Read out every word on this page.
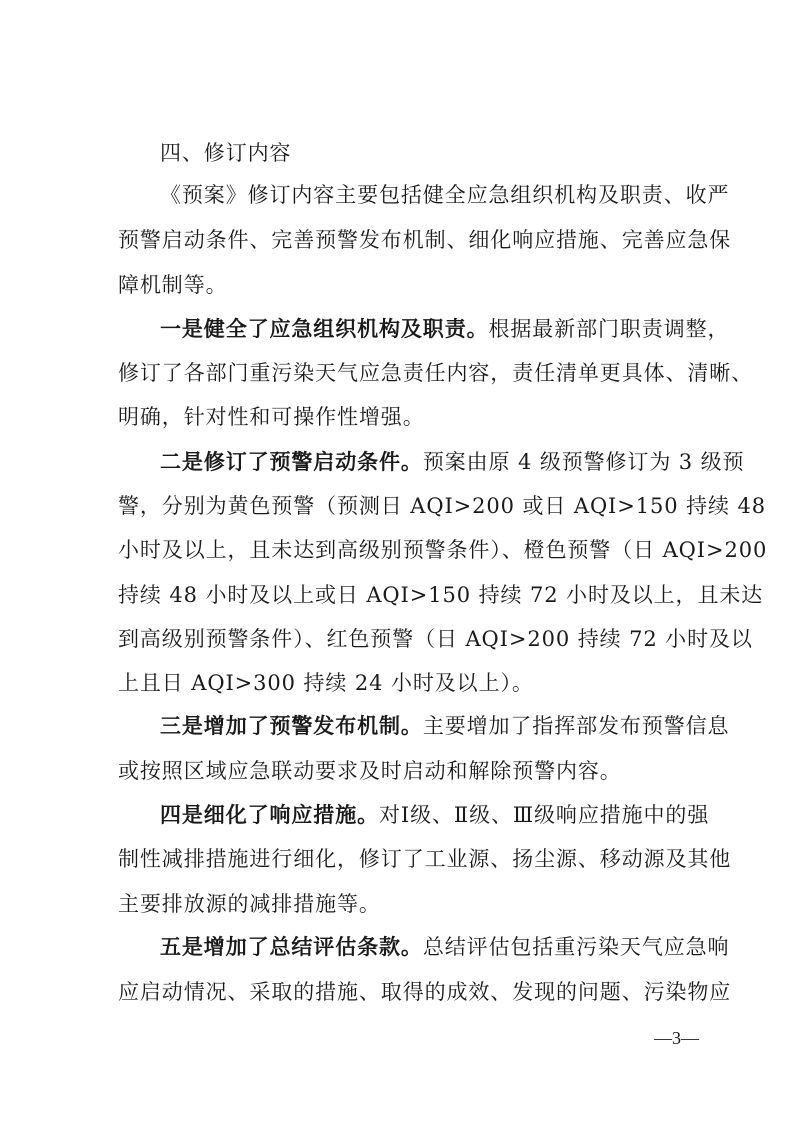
四、修订内容
《预案》修订内容主要包括健全应急组织机构及职责、收严
预警启动条件、完善预警发布机制、细化响应措施、完善应急保
障机制等。
一是健全了应急组织机构及职责。根据最新部门职责调整，
修订了各部门重污染天气应急责任内容，责任清单更具体、清晰、
明确，针对性和可操作性增强。
二是修订了预警启动条件。预案由原 4 级预警修订为 3 级预
警，分别为黄色预警（预测日 AQI>200 或日 AQI>150 持续 48
小时及以上，且未达到高级别预警条件）、橙色预警（日 AQI>200
持续 48 小时及以上或日 AQI>150 持续 72 小时及以上，且未达
到高级别预警条件）、红色预警（日 AQI>200 持续 72 小时及以
上且日 AQI>300 持续 24 小时及以上）。
三是增加了预警发布机制。主要增加了指挥部发布预警信息
或按照区域应急联动要求及时启动和解除预警内容。
四是细化了响应措施。对Ⅰ级、Ⅱ级、Ⅲ级响应措施中的强
制性减排措施进行细化，修订了工业源、扬尘源、移动源及其他
主要排放源的减排措施等。
五是增加了总结评估条款。总结评估包括重污染天气应急响
应启动情况、采取的措施、取得的成效、发现的问题、污染物应
—3—
